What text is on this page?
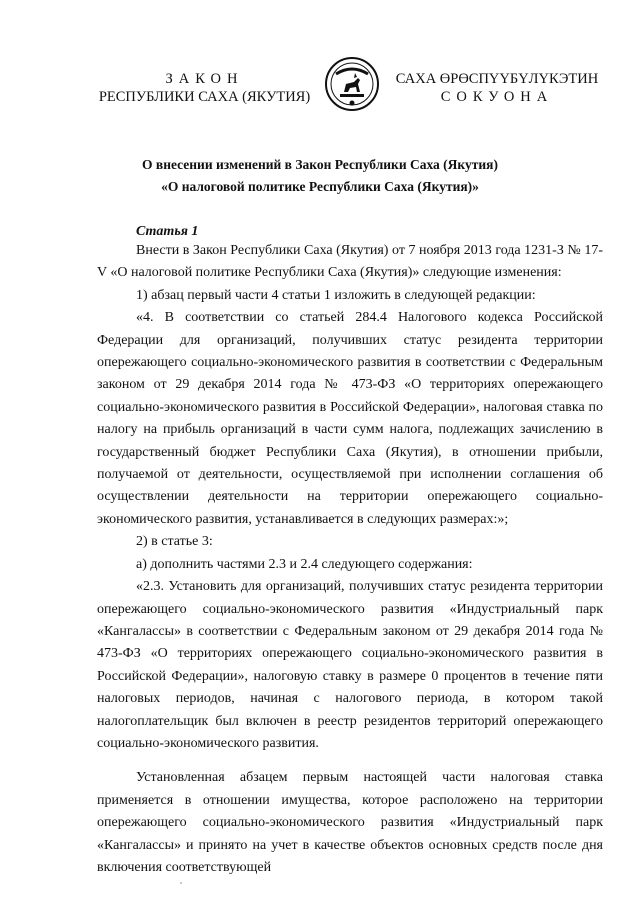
ЗАКОН
РЕСПУБЛИКИ САХА (ЯКУТИЯ)
САХА ӨРӨСПҮҮБҮЛҮКЭТИН
СОКУОНА
О внесении изменений в Закон Республики Саха (Якутия)
«О налоговой политике Республики Саха (Якутия)»
Статья 1

Внести в Закон Республики Саха (Якутия) от 7 ноября 2013 года 1231-З № 17-V «О налоговой политике Республики Саха (Якутия)» следующие изменения:

1) абзац первый части 4 статьи 1 изложить в следующей редакции:

«4. В соответствии со статьей 284.4 Налогового кодекса Российской Федерации для организаций, получивших статус резидента территории опережающего социально-экономического развития в соответствии с Федеральным законом от 29 декабря 2014 года № 473-ФЗ «О территориях опережающего социально-экономического развития в Российской Федерации», налоговая ставка по налогу на прибыль организаций в части сумм налога, подлежащих зачислению в государственный бюджет Республики Саха (Якутия), в отношении прибыли, получаемой от деятельности, осуществляемой при исполнении соглашения об осуществлении деятельности на территории опережающего социально-экономического развития, устанавливается в следующих размерах:»;

2) в статье 3:

а) дополнить частями 2.3 и 2.4 следующего содержания:

«2.3. Установить для организаций, получивших статус резидента территории опережающего социально-экономического развития «Индустриальный парк «Кангалассы» в соответствии с Федеральным законом от 29 декабря 2014 года № 473-ФЗ «О территориях опережающего социально-экономического развития в Российской Федерации», налоговую ставку в размере 0 процентов в течение пяти налоговых периодов, начиная с налогового периода, в котором такой налогоплательщик был включен в реестр резидентов территорий опережающего социально-экономического развития.

Установленная абзацем первым настоящей части налоговая ставка применяется в отношении имущества, которое расположено на территории опережающего социально-экономического развития «Индустриальный парк «Кангалассы» и принято на учет в качестве объектов основных средств после дня включения соответствующей
